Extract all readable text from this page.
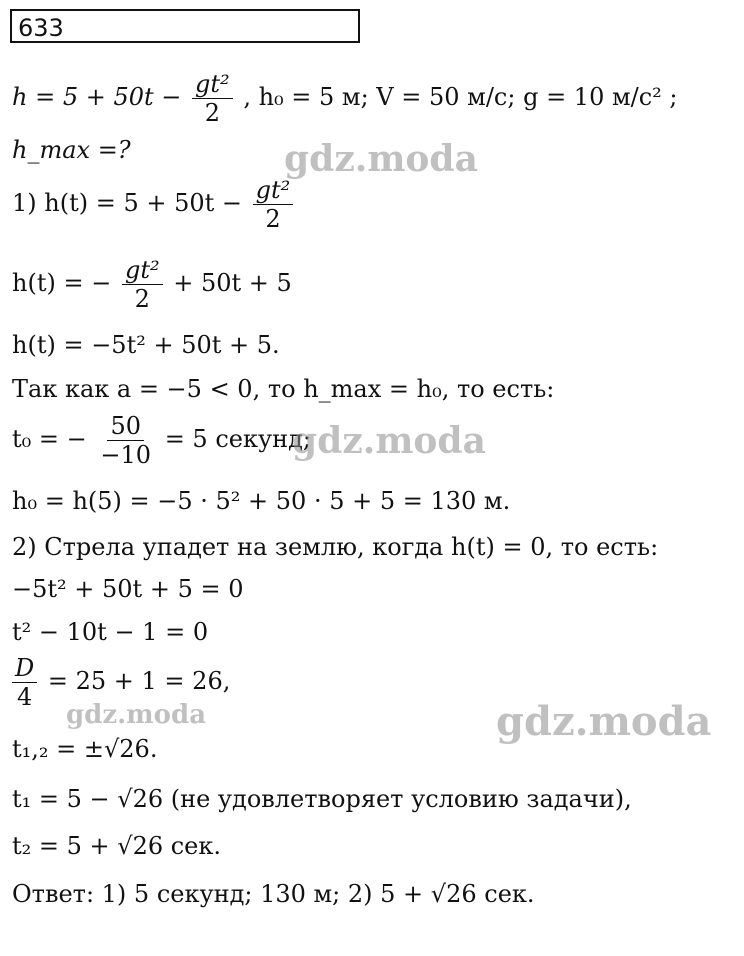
633
$h = 5 + 50t - \frac{\text{gt²}}{2}$ , h₀ = 5 м; V = 50 м/с; g = 10 м/с² ;
h_max =?
1) $h(t) = 5 + 50t - \frac{\text{gt²}}{2}$
h(t) = − $\frac{\text{gt²}}{2} + 50t + 5$
h(t) = −5t² + 50t + 5.
Так как a = −5 < 0, то h_max = h₀, то есть:
t₀ = − $\frac{50}{-10} = 5$ секунд;
h₀ = h(5) = −5 · 5² + 50 · 5 + 5 = 130 м.
2) Стрела упадет на землю, когда h(t) = 0, то есть:
−5t² + 50t + 5 = 0
t² − 10t − 1 = 0
$\frac{D}{4} = 25 + 1 = 26$,
t₁,₂ = ±√26.
t₁ = 5 − √26 (не удовлетворяет условию задачи),
t₂ = 5 + √26 сек.
Ответ: 1) 5 секунд; 130 м; 2) 5 + √26 сек.
gdz.moda
gdz.moda
gdz.moda	gdz.moda
